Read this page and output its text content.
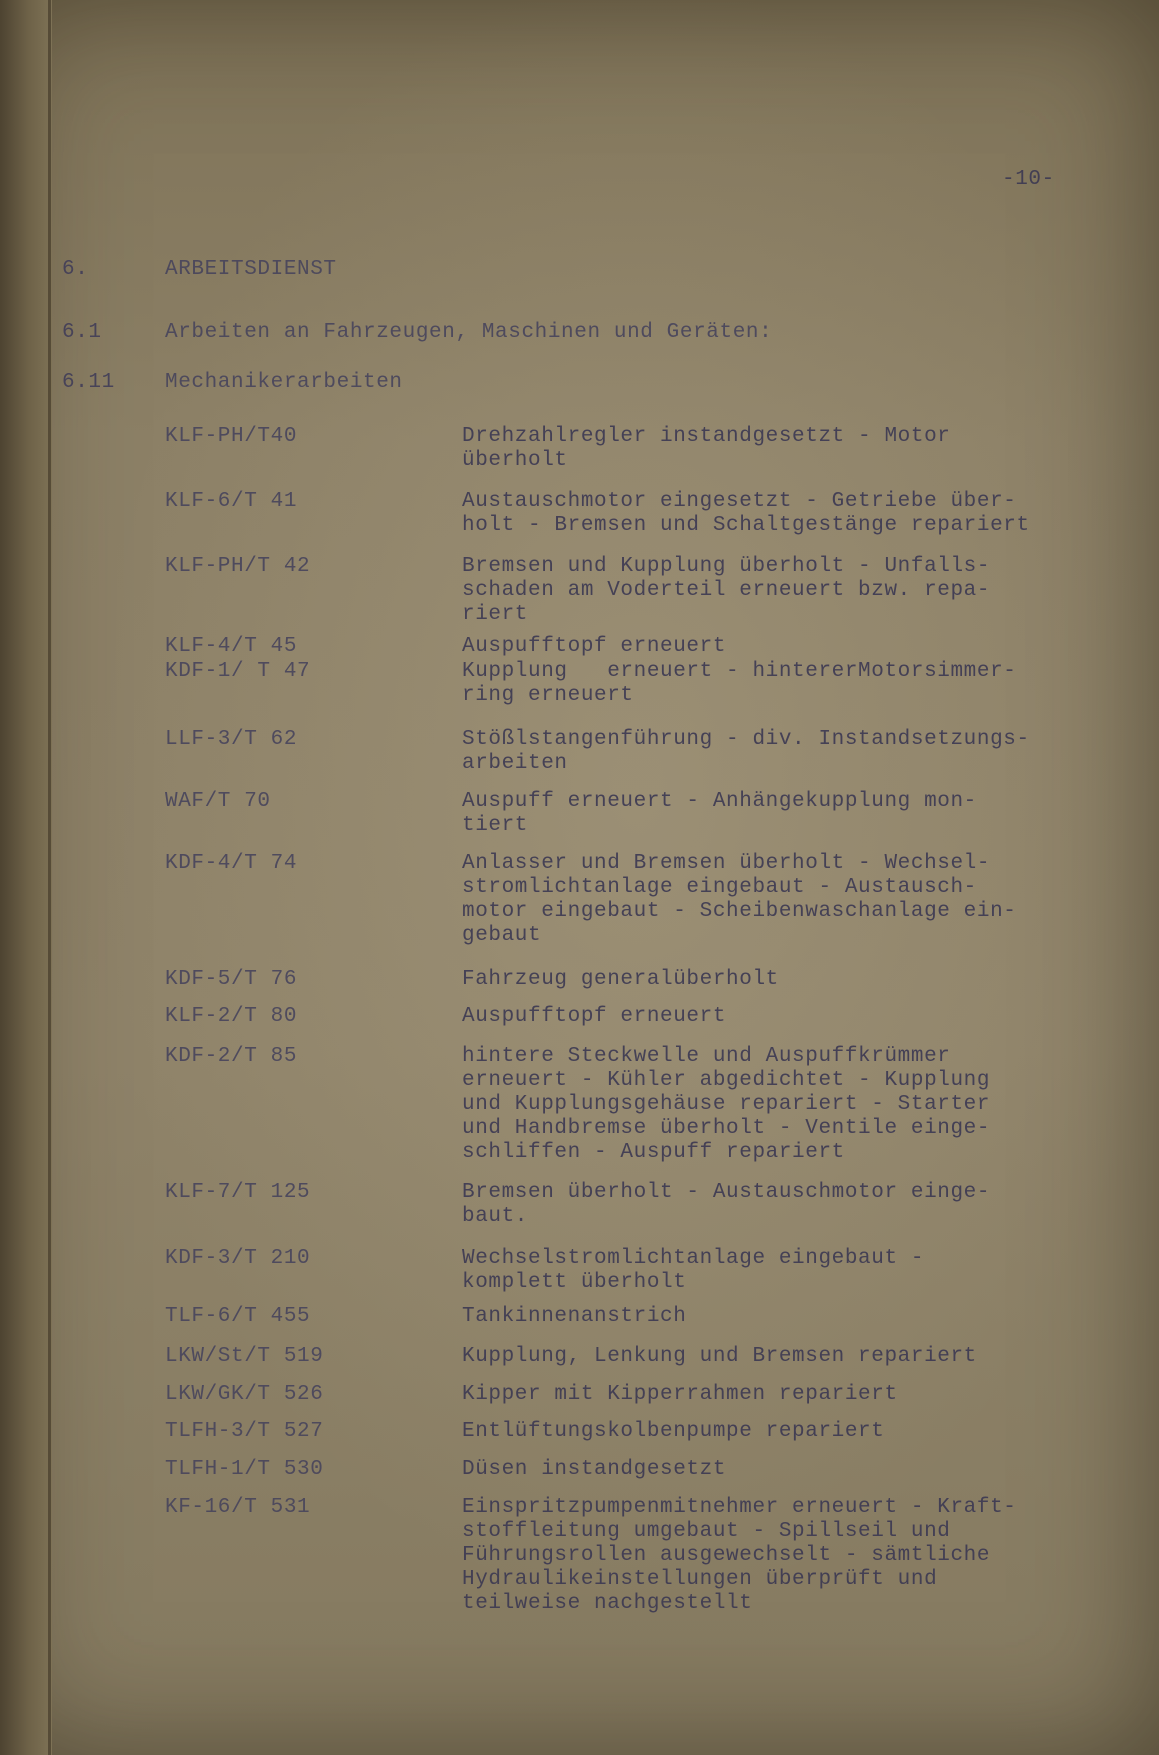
-10-
6.	ARBEITSDIENST
6.1	Arbeiten an Fahrzeugen, Maschinen und Geräten:
6.11 Mechanikerarbeiten
KLF-PH/T40	Drehzahlregler instandgesetzt - Motor
überholt
KLF-6/T 41	Austauschmotor eingesetzt - Getriebe über-
holt - Bremsen und Schaltgestänge repariert
KLF-PH/T 42	Bremsen und Kupplung überholt - Unfalls-
schaden am Voderteil erneuert bzw. repa-
riert
KLF-4/T 45	Auspufftopf erneuert
KDF-1/ T 47	Kupplung   erneuert - hintererMotorsimmer-
ring erneuert
LLF-3/T 62	Stößlstangenführung - div. Instandsetzungs-
arbeiten
WAF/T 70	Auspuff erneuert - Anhängekupplung mon-
tiert
KDF-4/T 74	Anlasser und Bremsen überholt - Wechsel-
stromlichtanlage eingebaut - Austausch-
motor eingebaut - Scheibenwaschanlage ein-
gebaut
KDF-5/T 76	Fahrzeug generalüberholt
KLF-2/T 80	Auspufftopf erneuert
KDF-2/T 85	hintere Steckwelle und Auspuffkrümmer
erneuert - Kühler abgedichtet - Kupplung
und Kupplungsgehäuse repariert - Starter
und Handbremse überholt - Ventile einge-
schliffen - Auspuff repariert
KLF-7/T 125	Bremsen überholt - Austauschmotor einge-
baut.
KDF-3/T 210	Wechselstromlichtanlage eingebaut -
komplett überholt
TLF-6/T 455	Tankinnenanstrich
LKW/St/T 519	Kupplung, Lenkung und Bremsen repariert
LKW/GK/T 526	Kipper mit Kipperrahmen repariert
TLFH-3/T 527	Entlüftungskolbenpumpe repariert
TLFH-1/T 530	Düsen instandgesetzt
KF-16/T 531	Einspritzpumpenmitnehmer erneuert - Kraft-
stoffleitung umgebaut - Spillseil und
Führungsrollen ausgewechselt - sämtliche
Hydraulikeinstellungen überprüft und
teilweise nachgestellt
